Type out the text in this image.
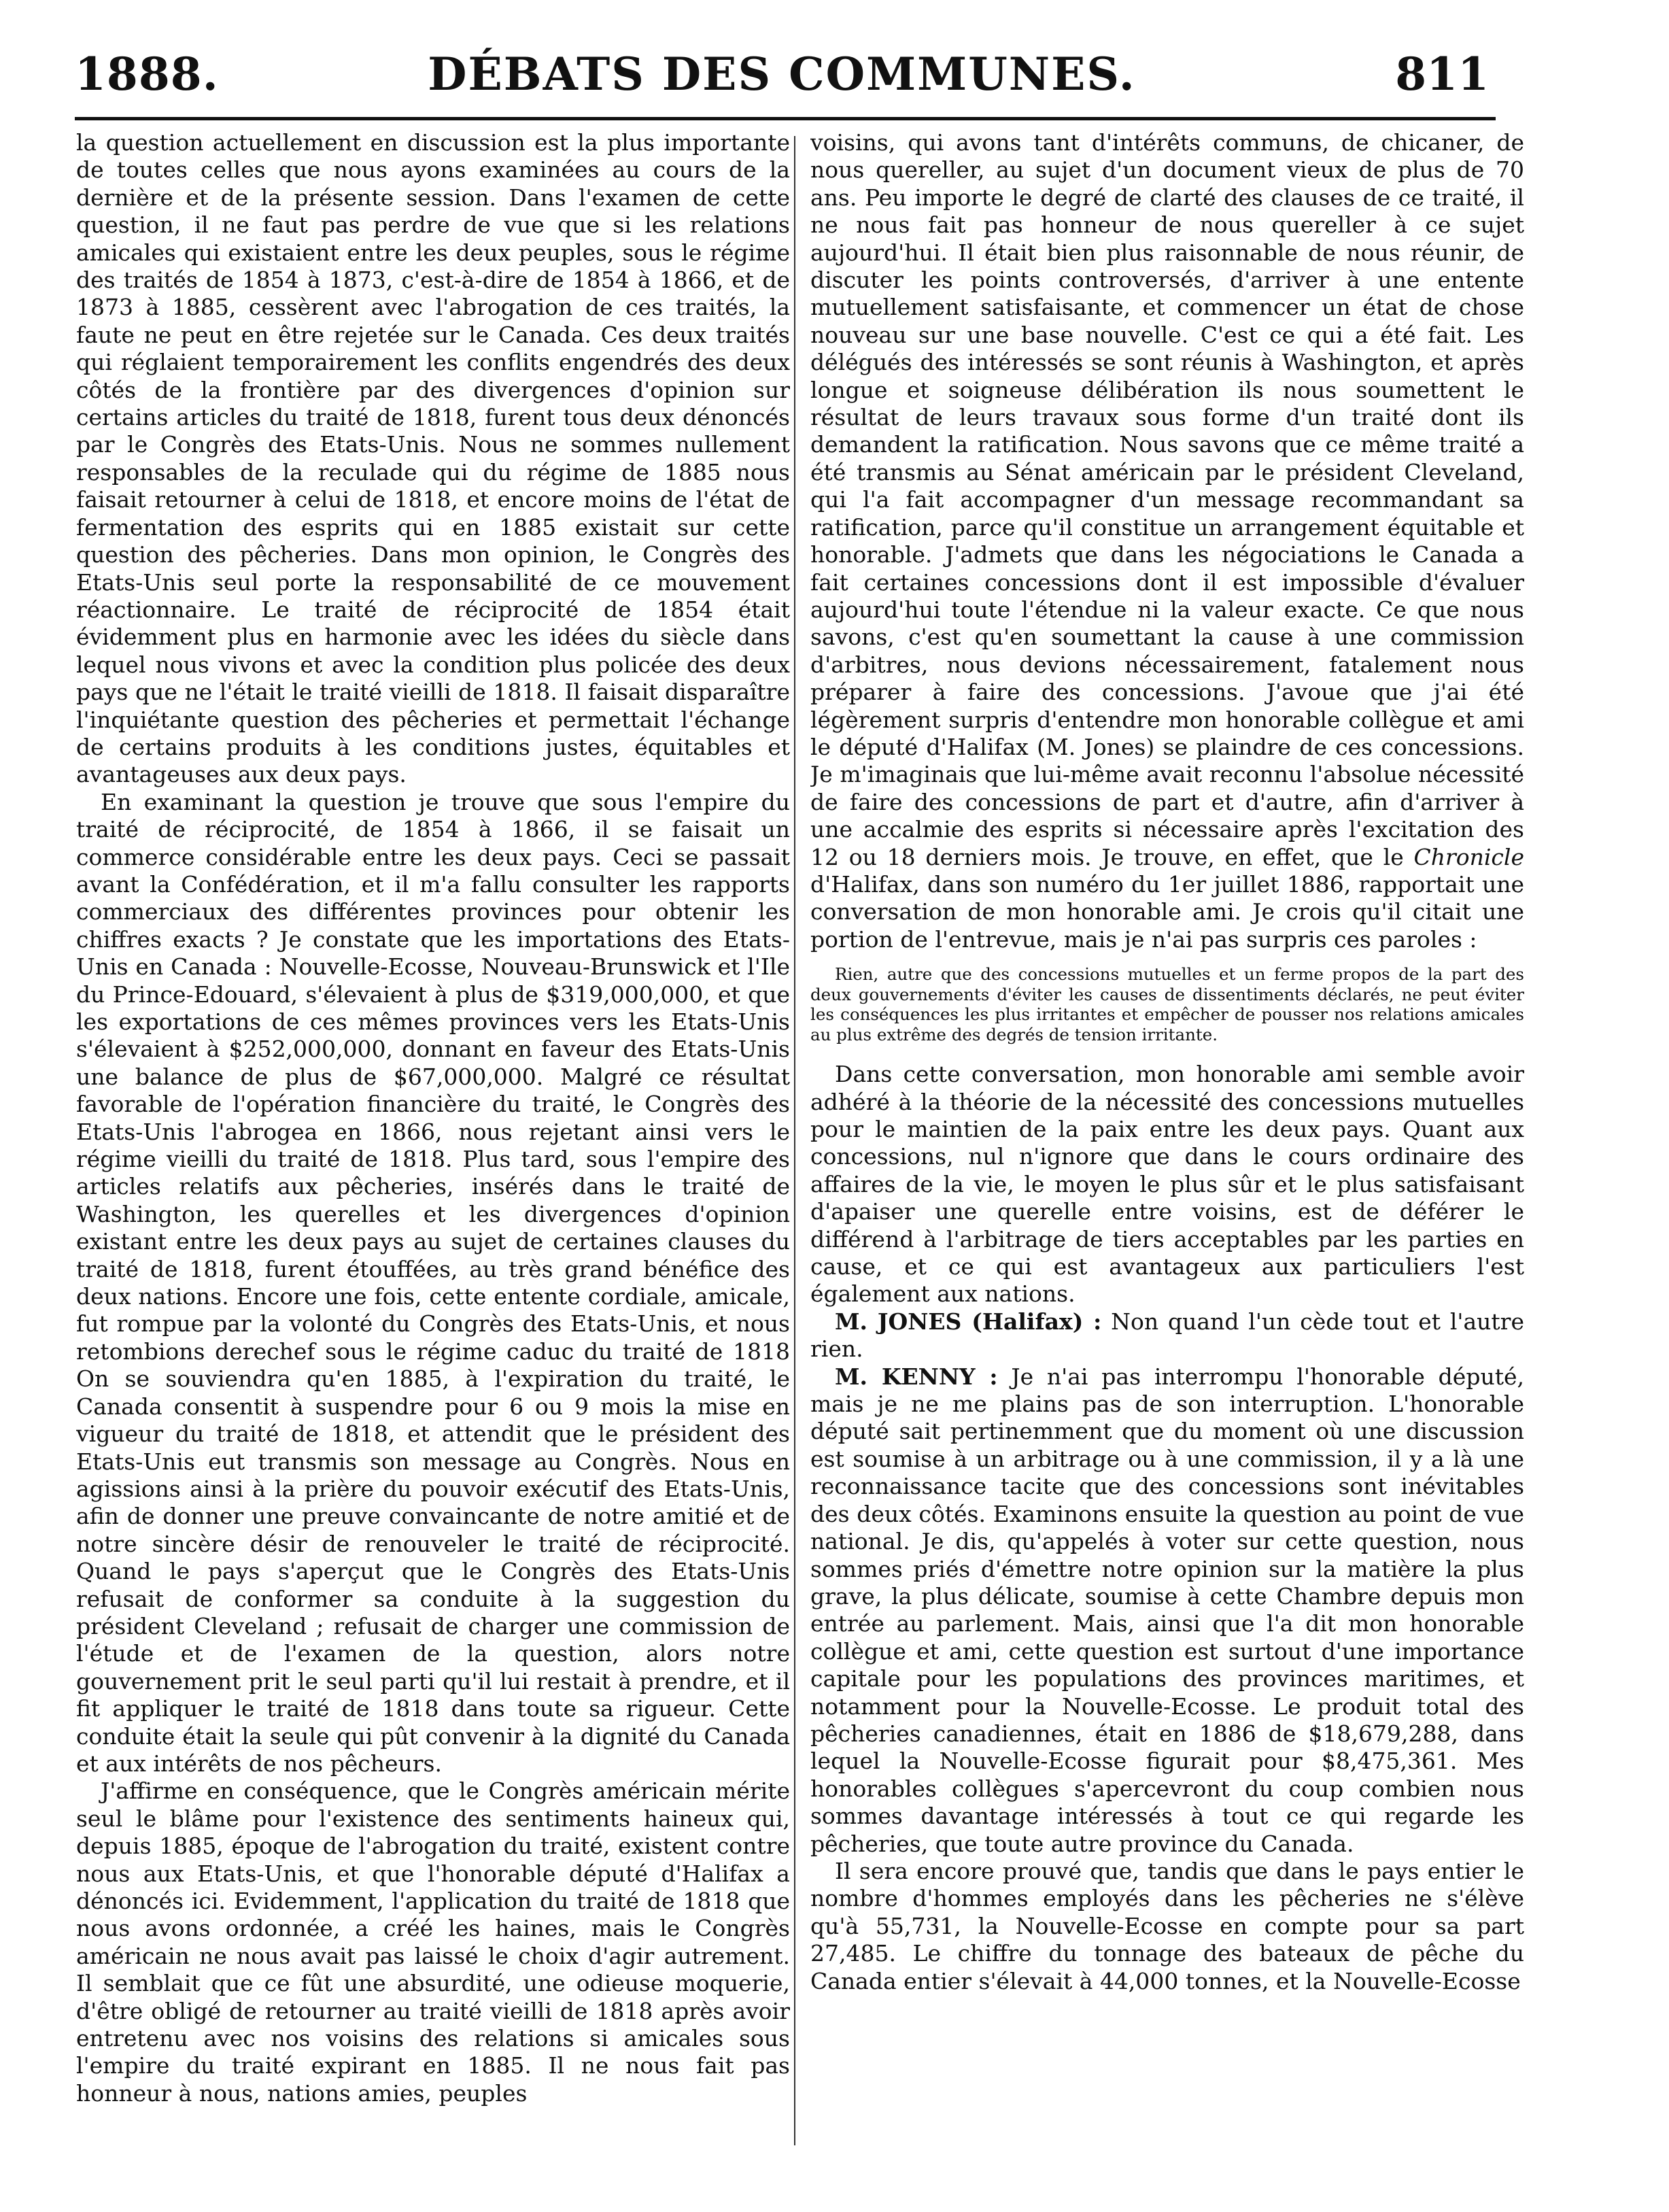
1888.	DÉBATS DES COMMUNES.	811

la question actuellement en discussion est la plus importante de toutes celles que nous ayons examinées au cours de la dernière et de la présente session. Dans l'examen de cette question, il ne faut pas perdre de vue que si les relations amicales qui existaient entre les deux peuples, sous le régime des traités de 1854 à 1873, c'est-à-dire de 1854 à 1866, et de 1873 à 1885, cessèrent avec l'abrogation de ces traités, la faute ne peut en être rejetée sur le Canada. Ces deux traités qui réglaient temporairement les conflits engendrés des deux côtés de la frontière par des divergences d'opinion sur certains articles du traité de 1818, furent tous deux dénoncés par le Congrès des Etats-Unis. Nous ne sommes nullement responsables de la reculade qui du régime de 1885 nous faisait retourner à celui de 1818, et encore moins de l'état de fermentation des esprits qui en 1885 existait sur cette question des pêcheries. Dans mon opinion, le Congrès des Etats-Unis seul porte la responsabilité de ce mouvement réactionnaire. Le traité de réciprocité de 1854 était évidemment plus en harmonie avec les idées du siècle dans lequel nous vivons et avec la condition plus policée des deux pays que ne l'était le traité vieilli de 1818. Il faisait disparaître l'inquiétante question des pêcheries et permettait l'échange de certains produits à les conditions justes, équitables et avantageuses aux deux pays.

En examinant la question je trouve que sous l'empire du traité de réciprocité, de 1854 à 1866, il se faisait un commerce considérable entre les deux pays. Ceci se passait avant la Confédération, et il m'a fallu consulter les rapports commerciaux des différentes provinces pour obtenir les chiffres exacts ? Je constate que les importations des Etats-Unis en Canada : Nouvelle-Ecosse, Nouveau-Brunswick et l'Ile du Prince-Edouard, s'élevaient à plus de $319,000,000, et que les exportations de ces mêmes provinces vers les Etats-Unis s'élevaient à $252,000,000, donnant en faveur des Etats-Unis une balance de plus de $67,000,000. Malgré ce résultat favorable de l'opération financière du traité, le Congrès des Etats-Unis l'abrogea en 1866, nous rejetant ainsi vers le régime vieilli du traité de 1818. Plus tard, sous l'empire des articles relatifs aux pêcheries, insérés dans le traité de Washington, les querelles et les divergences d'opinion existant entre les deux pays au sujet de certaines clauses du traité de 1818, furent étouffées, au très grand bénéfice des deux nations. Encore une fois, cette entente cordiale, amicale, fut rompue par la volonté du Congrès des Etats-Unis, et nous retombions derechef sous le régime caduc du traité de 1818 On se souviendra qu'en 1885, à l'expiration du traité, le Canada consentit à suspendre pour 6 ou 9 mois la mise en vigueur du traité de 1818, et attendit que le président des Etats-Unis eut transmis son message au Congrès. Nous en agissions ainsi à la prière du pouvoir exécutif des Etats-Unis, afin de donner une preuve convaincante de notre amitié et de notre sincère désir de renouveler le traité de réciprocité. Quand le pays s'aperçut que le Congrès des Etats-Unis refusait de conformer sa conduite à la suggestion du président Cleveland ; refusait de charger une commission de l'étude et de l'examen de la question, alors notre gouvernement prit le seul parti qu'il lui restait à prendre, et il fit appliquer le traité de 1818 dans toute sa rigueur. Cette conduite était la seule qui pût convenir à la dignité du Canada et aux intérêts de nos pêcheurs.

J'affirme en conséquence, que le Congrès américain mérite seul le blâme pour l'existence des sentiments haineux qui, depuis 1885, époque de l'abrogation du traité, existent contre nous aux Etats-Unis, et que l'honorable député d'Halifax a dénoncés ici. Evidemment, l'application du traité de 1818 que nous avons ordonnée, a créé les haines, mais le Congrès américain ne nous avait pas laissé le choix d'agir autrement. Il semblait que ce fût une absurdité, une odieuse moquerie, d'être obligé de retourner au traité vieilli de 1818 après avoir entretenu avec nos voisins des relations si amicales sous l'empire du traité expirant en 1885. Il ne nous fait pas honneur à nous, nations amies, peuples

voisins, qui avons tant d'intérêts communs, de chicaner, de nous quereller, au sujet d'un document vieux de plus de 70 ans. Peu importe le degré de clarté des clauses de ce traité, il ne nous fait pas honneur de nous quereller à ce sujet aujourd'hui. Il était bien plus raisonnable de nous réunir, de discuter les points controversés, d'arriver à une entente mutuellement satisfaisante, et commencer un état de chose nouveau sur une base nouvelle. C'est ce qui a été fait. Les délégués des intéressés se sont réunis à Washington, et après longue et soigneuse délibération ils nous soumettent le résultat de leurs travaux sous forme d'un traité dont ils demandent la ratification. Nous savons que ce même traité a été transmis au Sénat américain par le président Cleveland, qui l'a fait accompagner d'un message recommandant sa ratification, parce qu'il constitue un arrangement équitable et honorable. J'admets que dans les négociations le Canada a fait certaines concessions dont il est impossible d'évaluer aujourd'hui toute l'étendue ni la valeur exacte. Ce que nous savons, c'est qu'en soumettant la cause à une commission d'arbitres, nous devions nécessairement, fatalement nous préparer à faire des concessions. J'avoue que j'ai été légèrement surpris d'entendre mon honorable collègue et ami le député d'Halifax (M. Jones) se plaindre de ces concessions. Je m'imaginais que lui-même avait reconnu l'absolue nécessité de faire des concessions de part et d'autre, afin d'arriver à une accalmie des esprits si nécessaire après l'excitation des 12 ou 18 derniers mois. Je trouve, en effet, que le Chronicle d'Halifax, dans son numéro du 1er juillet 1886, rapportait une conversation de mon honorable ami. Je crois qu'il citait une portion de l'entrevue, mais je n'ai pas surpris ces paroles :

Rien, autre que des concessions mutuelles et un ferme propos de la part des deux gouvernements d'éviter les causes de dissentiments déclarés, ne peut éviter les conséquences les plus irritantes et empêcher de pousser nos relations amicales au plus extrême des degrés de tension irritante.

Dans cette conversation, mon honorable ami semble avoir adhéré à la théorie de la nécessité des concessions mutuelles pour le maintien de la paix entre les deux pays. Quant aux concessions, nul n'ignore que dans le cours ordinaire des affaires de la vie, le moyen le plus sûr et le plus satisfaisant d'apaiser une querelle entre voisins, est de déférer le différend à l'arbitrage de tiers acceptables par les parties en cause, et ce qui est avantageux aux particuliers l'est également aux nations.

M. JONES (Halifax) : Non quand l'un cède tout et l'autre rien.

M. KENNY : Je n'ai pas interrompu l'honorable député, mais je ne me plains pas de son interruption. L'honorable député sait pertinemment que du moment où une discussion est soumise à un arbitrage ou à une commission, il y a là une reconnaissance tacite que des concessions sont inévitables des deux côtés. Examinons ensuite la question au point de vue national. Je dis, qu'appelés à voter sur cette question, nous sommes priés d'émettre notre opinion sur la matière la plus grave, la plus délicate, soumise à cette Chambre depuis mon entrée au parlement. Mais, ainsi que l'a dit mon honorable collègue et ami, cette question est surtout d'une importance capitale pour les populations des provinces maritimes, et notamment pour la Nouvelle-Ecosse. Le produit total des pêcheries canadiennes, était en 1886 de $18,679,288, dans lequel la Nouvelle-Ecosse figurait pour $8,475,361. Mes honorables collègues s'apercevront du coup combien nous sommes davantage intéressés à tout ce qui regarde les pêcheries, que toute autre province du Canada.

Il sera encore prouvé que, tandis que dans le pays entier le nombre d'hommes employés dans les pêcheries ne s'élève qu'à 55,731, la Nouvelle-Ecosse en compte pour sa part 27,485. Le chiffre du tonnage des bateaux de pêche du Canada entier s'élevait à 44,000 tonnes, et la Nouvelle-Ecosse
